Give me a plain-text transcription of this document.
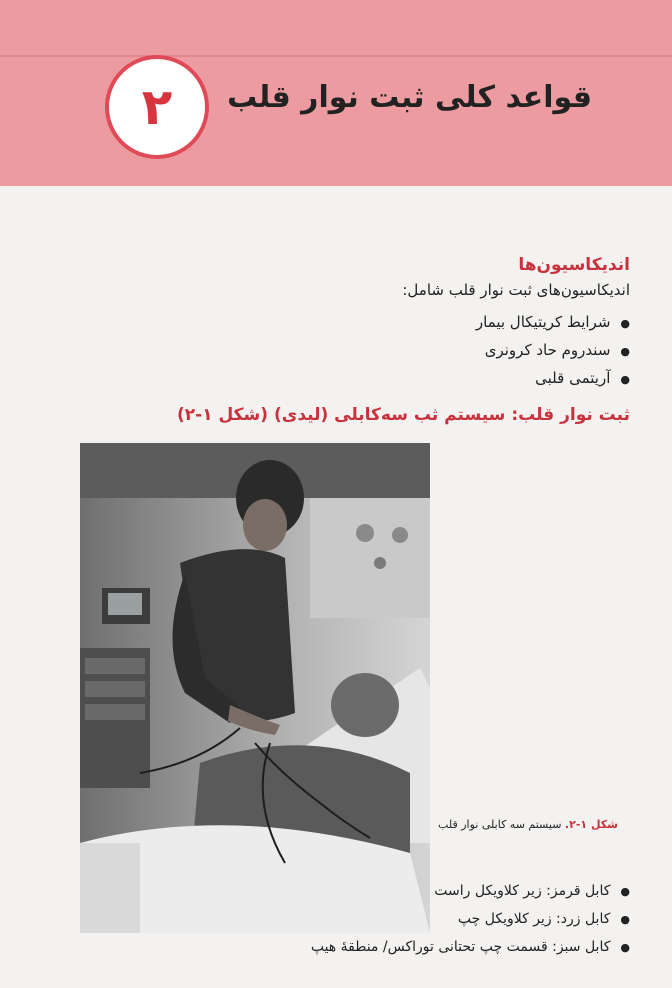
۲ قواعد کلی ثبت نوار قلب
اندیکاسیون‌ها
اندیکاسیون‌های ثبت نوار قلب شامل:
● شرایط کریتیکال بیمار
● سندروم حاد کرونری
● آریتمی قلبی
ثبت نوار قلب: سیستم ثب سه‌کابلی (لیدی) (شکل ۱-۲)
شکل ۱-۲. سیستم سه کابلی نوار قلب
● کابل قرمز: زیر کلاویکل راست
● کابل زرد: زیر کلاویکل چپ
● کابل سبز: قسمت چپ تحتانی توراکس/ منطقهٔ هیپ
